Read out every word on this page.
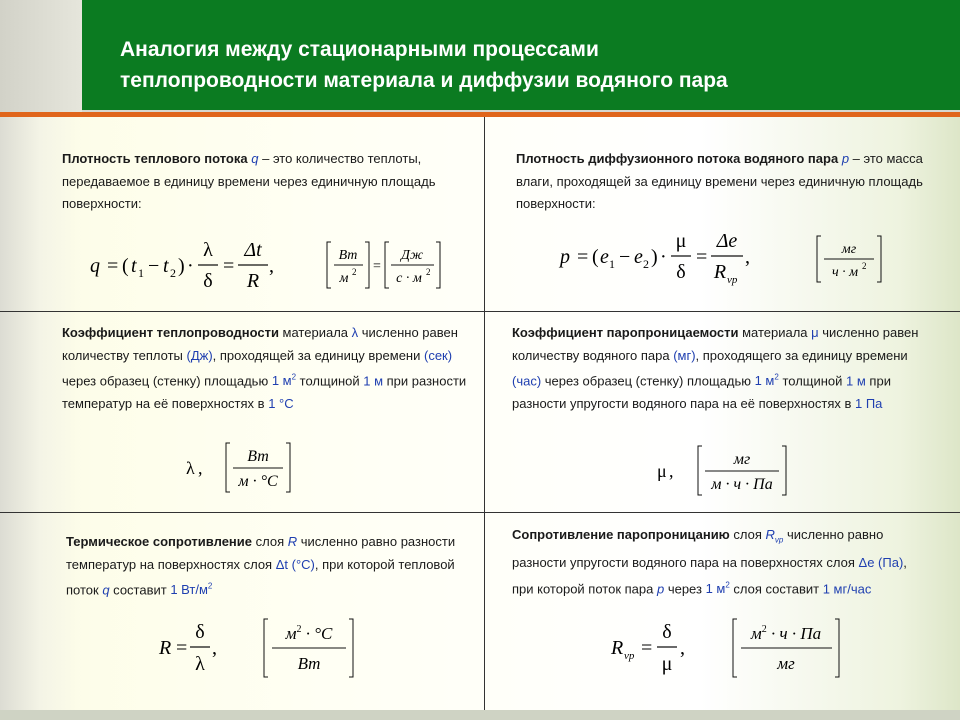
Аналогия между стационарными процессами
теплопроводности материала и диффузии водяного пара

Плотность теплового потока q – это количество теплоты, передаваемое в единицу времени через единичную площадь поверхности:

q = ( t 1 − t 2 ) ·
λ
δ
=
Δt
R
,	Вт
м 2 =
Дж
с · м 2

Плотность диффузионного потока водяного пара p – это масса влаги, проходящей за единицу времени через единичную площадь поверхности:

p = ( e 1 − e 2 ) ·
μ
δ
=
Δe
R vp
,	мг
ч · м 2

Коэффициент теплопроводности материала λ численно равен количеству теплоты (Дж), проходящей за единицу времени (сек) через образец (стенку) площадью 1 $м^2$ толщиной 1 м при разности температур на её поверхностях в 1 °С

λ ,
Вт
м · °C

Коэффициент паропроницаемости материала μ численно равен количеству водяного пара (мг), проходящего за единицу времени (час) через образец (стенку) площадью 1 $м^2$ толщиной 1 м при разности упругости водяного пара на её поверхностях в 1 Па

μ ,
мг
м · ч · Па

Термическое сопротивление слоя R численно равно разности температур на поверхностях слоя Δt (°С), при которой тепловой поток q составит 1 $Вт/м^2$

R =
δ
λ
,
$м^2 \cdot ^\circ C$
Вт

Сопротивление паропроницанию слоя $R_{vp}$ численно равно разности упругости водяного пара на поверхностях слоя Δe (Па), при которой поток пара p через 1 $м^2$ слоя составит 1 мг/час

R vp =
δ
μ
,
$м^2 \cdot ч$ · Па
мг
